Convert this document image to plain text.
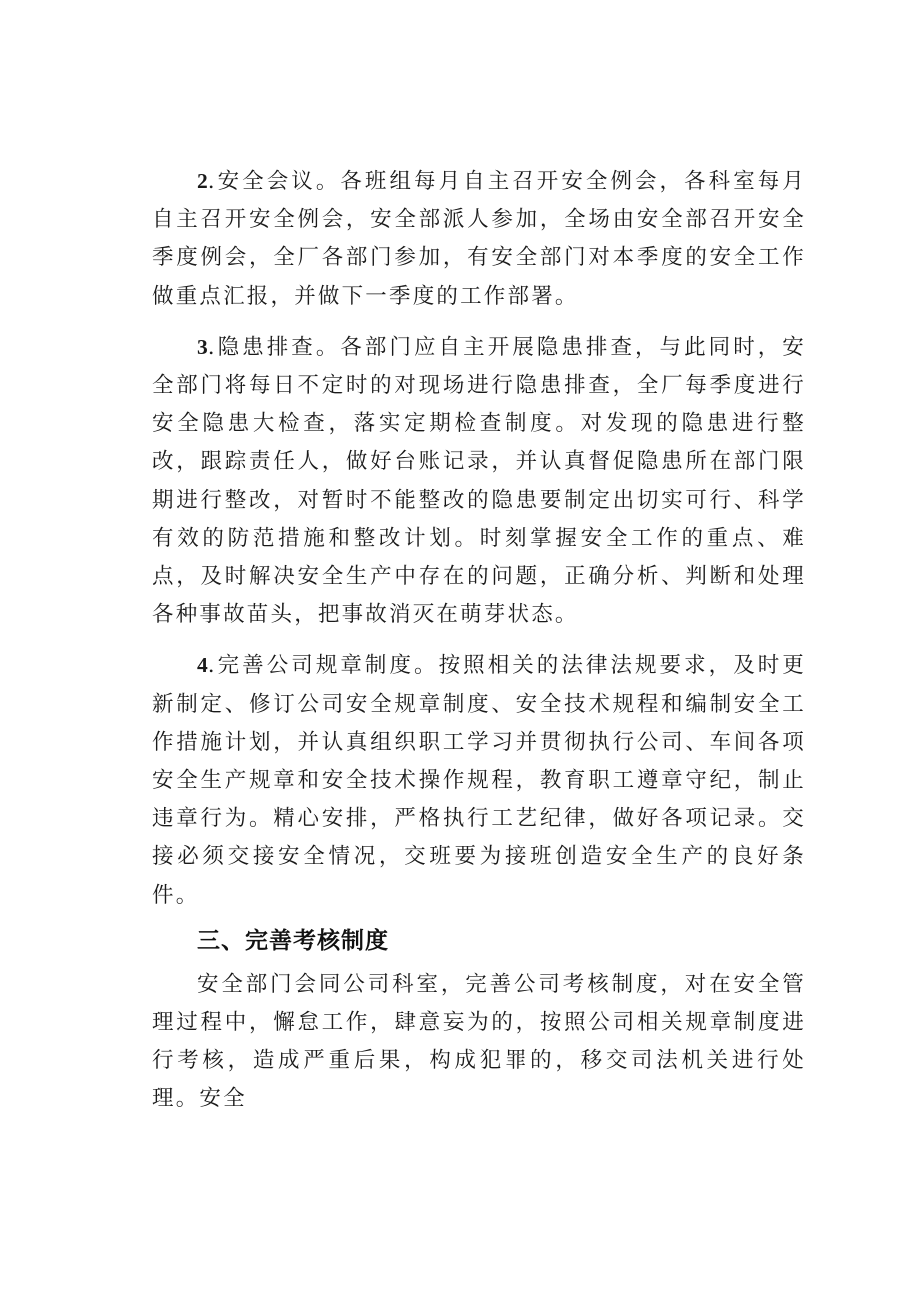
2.安全会议。各班组每月自主召开安全例会，各科室每月自主召开安全例会，安全部派人参加，全场由安全部召开安全季度例会，全厂各部门参加，有安全部门对本季度的安全工作做重点汇报，并做下一季度的工作部署。

3.隐患排查。各部门应自主开展隐患排查，与此同时，安全部门将每日不定时的对现场进行隐患排查，全厂每季度进行安全隐患大检查，落实定期检查制度。对发现的隐患进行整改，跟踪责任人，做好台账记录，并认真督促隐患所在部门限期进行整改，对暂时不能整改的隐患要制定出切实可行、科学有效的防范措施和整改计划。时刻掌握安全工作的重点、难点，及时解决安全生产中存在的问题，正确分析、判断和处理各种事故苗头，把事故消灭在萌芽状态。

4.完善公司规章制度。按照相关的法律法规要求，及时更新制定、修订公司安全规章制度、安全技术规程和编制安全工作措施计划，并认真组织职工学习并贯彻执行公司、车间各项安全生产规章和安全技术操作规程，教育职工遵章守纪，制止违章行为。精心安排，严格执行工艺纪律，做好各项记录。交接必须交接安全情况，交班要为接班创造安全生产的良好条件。

三、完善考核制度

安全部门会同公司科室，完善公司考核制度，对在安全管理过程中，懈怠工作，肆意妄为的，按照公司相关规章制度进行考核，造成严重后果，构成犯罪的，移交司法机关进行处理。安全
